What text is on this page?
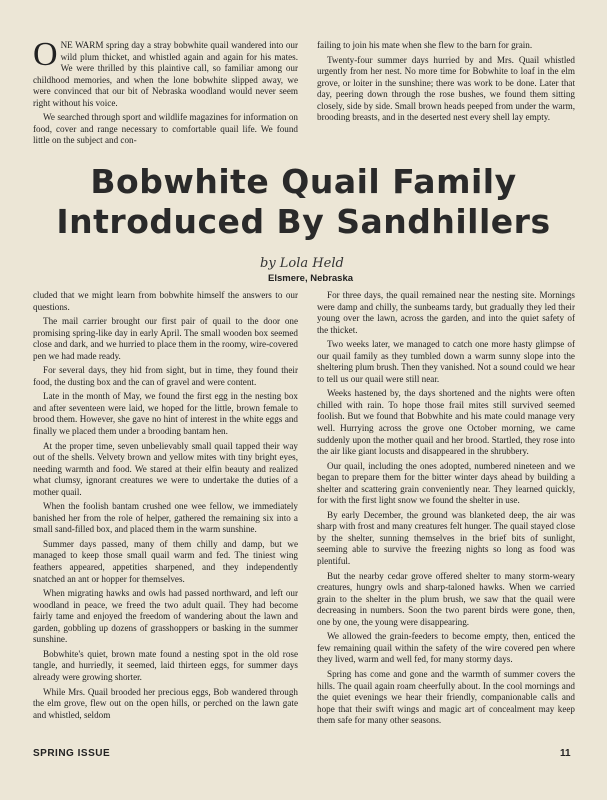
ONE WARM spring day a stray bobwhite quail wandered into our wild plum thicket, and whistled again and again for his mates. We were thrilled by this plaintive call, so familiar among our childhood memories, and when the lone bobwhite slipped away, we were convinced that our bit of Nebraska woodland would never seem right without his voice.

We searched through sport and wildlife magazines for information on food, cover and range necessary to comfortable quail life. We found little on the subject and con-

failing to join his mate when she flew to the barn for grain.

Twenty-four summer days hurried by and Mrs. Quail whistled urgently from her nest. No more time for Bobwhite to loaf in the elm grove, or loiter in the sunshine; there was work to be done. Later that day, peering down through the rose bushes, we found them sitting closely, side by side. Small brown heads peeped from under the warm, brooding breasts, and in the deserted nest every shell lay empty.

Bobwhite Quail Family
Introduced By Sandhillers
by Lola Held
Elsmere, Nebraska

cluded that we might learn from bobwhite himself the answers to our questions.

The mail carrier brought our first pair of quail to the door one promising spring-like day in early April. The small wooden box seemed close and dark, and we hurried to place them in the roomy, wire-covered pen we had made ready.

For several days, they hid from sight, but in time, they found their food, the dusting box and the can of gravel and were content.

Late in the month of May, we found the first egg in the nesting box and after seventeen were laid, we hoped for the little, brown female to brood them. However, she gave no hint of interest in the white eggs and finally we placed them under a brooding bantam hen.

At the proper time, seven unbelievably small quail tapped their way out of the shells. Velvety brown and yellow mites with tiny bright eyes, needing warmth and food. We stared at their elfin beauty and realized what clumsy, ignorant creatures we were to undertake the duties of a mother quail.

When the foolish bantam crushed one wee fellow, we immediately banished her from the role of helper, gathered the remaining six into a small sand-filled box, and placed them in the warm sunshine.

Summer days passed, many of them chilly and damp, but we managed to keep those small quail warm and fed. The tiniest wing feathers appeared, appetities sharpened, and they independently snatched an ant or hopper for themselves.

When migrating hawks and owls had passed northward, and left our woodland in peace, we freed the two adult quail. They had become fairly tame and enjoyed the freedom of wandering about the lawn and garden, gobbling up dozens of grasshoppers or basking in the summer sunshine.

Bobwhite's quiet, brown mate found a nesting spot in the old rose tangle, and hurriedly, it seemed, laid thirteen eggs, for summer days already were growing shorter.

While Mrs. Quail brooded her precious eggs, Bob wandered through the elm grove, flew out on the open hills, or perched on the lawn gate and whistled, seldom

For three days, the quail remained near the nesting site. Mornings were damp and chilly, the sunbeams tardy, but gradually they led their young over the lawn, across the garden, and into the quiet safety of the thicket.

Two weeks later, we managed to catch one more hasty glimpse of our quail family as they tumbled down a warm sunny slope into the sheltering plum brush. Then they vanished. Not a sound could we hear to tell us our quail were still near.

Weeks hastened by, the days shortened and the nights were often chilled with rain. To hope those frail mites still survived seemed foolish. But we found that Bobwhite and his mate could manage very well. Hurrying across the grove one October morning, we came suddenly upon the mother quail and her brood. Startled, they rose into the air like giant locusts and disappeared in the shrubbery.

Our quail, including the ones adopted, numbered nineteen and we began to prepare them for the bitter winter days ahead by building a shelter and scattering grain conveniently near. They learned quickly, for with the first light snow we found the shelter in use.

By early December, the ground was blanketed deep, the air was sharp with frost and many creatures felt hunger. The quail stayed close by the shelter, sunning themselves in the brief bits of sunlight, seeming able to survive the freezing nights so long as food was plentiful.

But the nearby cedar grove offered shelter to many storm-weary creatures, hungry owls and sharp-taloned hawks. When we carried grain to the shelter in the plum brush, we saw that the quail were decreasing in numbers. Soon the two parent birds were gone, then, one by one, the young were disappearing.

We allowed the grain-feeders to become empty, then, enticed the few remaining quail within the safety of the wire covered pen where they lived, warm and well fed, for many stormy days.

Spring has come and gone and the warmth of summer covers the hills. The quail again roam cheerfully about. In the cool mornings and the quiet evenings we hear their friendly, companionable calls and hope that their swift wings and magic art of concealment may keep them safe for many other seasons.

SPRING ISSUE	11
